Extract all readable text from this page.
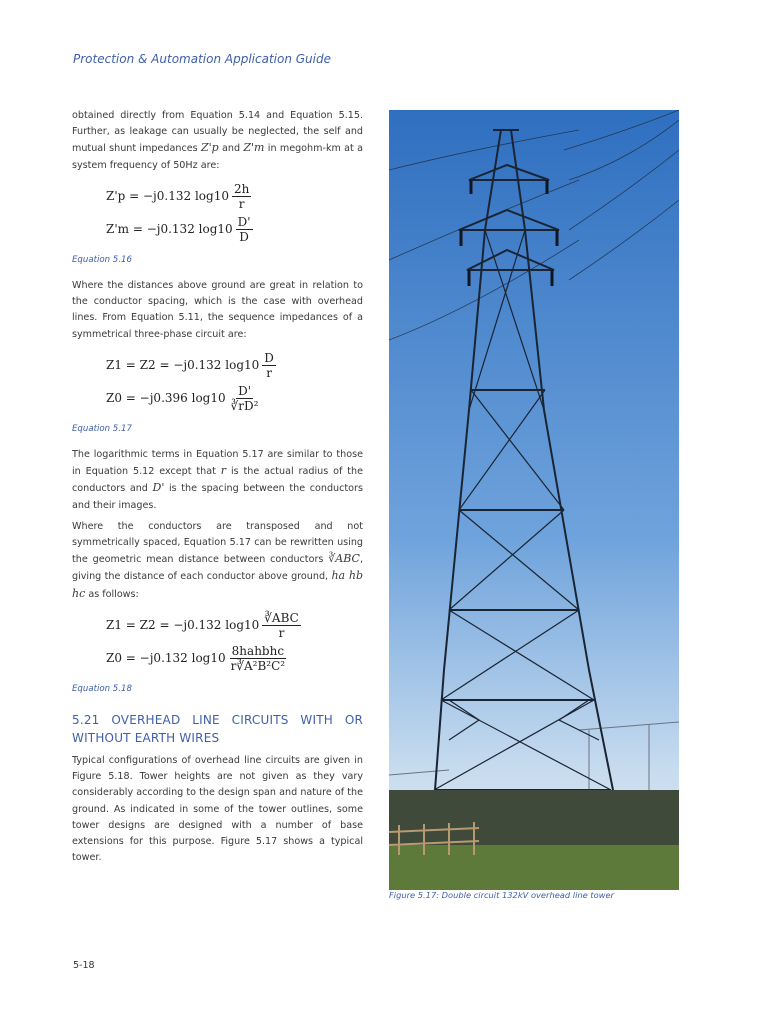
Protection & Automation Application Guide

obtained directly from Equation 5.14 and Equation 5.15. Further, as leakage can usually be neglected, the self and mutual shunt impedances Z'p and Z'm in megohm-km at a system frequency of 50Hz are:

Z'p = −j0.132 $\log 10 \frac{2h}{r}$
Z'm = −j0.132 $\log 10 \frac{D'}{D}$
Equation 5.16

Where the distances above ground are great in relation to the conductor spacing, which is the case with overhead lines. From Equation 5.11, the sequence impedances of a symmetrical three-phase circuit are:

Z1 = Z2 = −j0.132 $\log 10 \frac{D}{r}$
Z0 = −j0.396 $\log 10 \frac{D'}{\text{∛rD²}}$
Equation 5.17

The logarithmic terms in Equation 5.17 are similar to those in Equation 5.12 except that r is the actual radius of the conductors and D' is the spacing between the conductors and their images.

Where the conductors are transposed and not symmetrically spaced, Equation 5.17 can be rewritten using the geometric mean distance between conductors ∛ABC, giving the distance of each conductor above ground, ha hb hc as follows:

Z1 = Z2 = −j0.132 $\log 10 \frac{\text{∛ABC}}{r}$
Z0 = −j0.132 $\log 10 \frac{\text{8hahbhc}}{\text{r∛A²B²C²}}$
Equation 5.18
5.21 OVERHEAD LINE CIRCUITS WITH OR WITHOUT EARTH WIRES

Typical configurations of overhead line circuits are given in Figure 5.18. Tower heights are not given as they vary considerably according to the design span and nature of the ground. As indicated in some of the tower outlines, some tower designs are designed with a number of base extensions for this purpose. Figure 5.17 shows a typical tower.

Figure 5.17: Double circuit 132kV overhead line tower
5-18
